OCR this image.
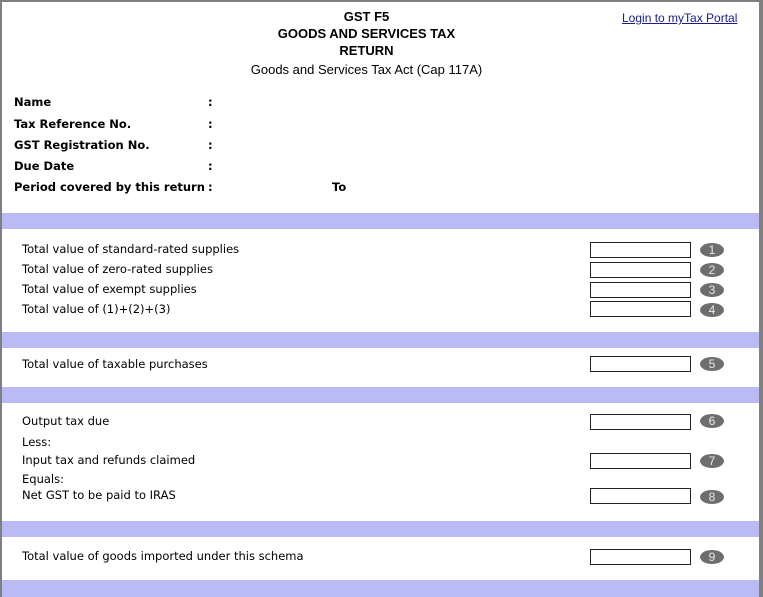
GST F5
GOODS AND SERVICES TAX
RETURN
Goods and Services Tax Act (Cap 117A)
Login to myTax Portal
Name	:
Tax Reference No.	:
GST Registration No.	:
Due Date	:
Period covered by this return :	To
Total value of standard-rated supplies	1
Total value of zero-rated supplies	2
Total value of exempt supplies	3
Total value of (1)+(2)+(3)	4
Total value of taxable purchases	5
Output tax due	6
Less:
Input tax and refunds claimed	7
Equals:
Net GST to be paid to IRAS	8
Total value of goods imported under this schema	9
